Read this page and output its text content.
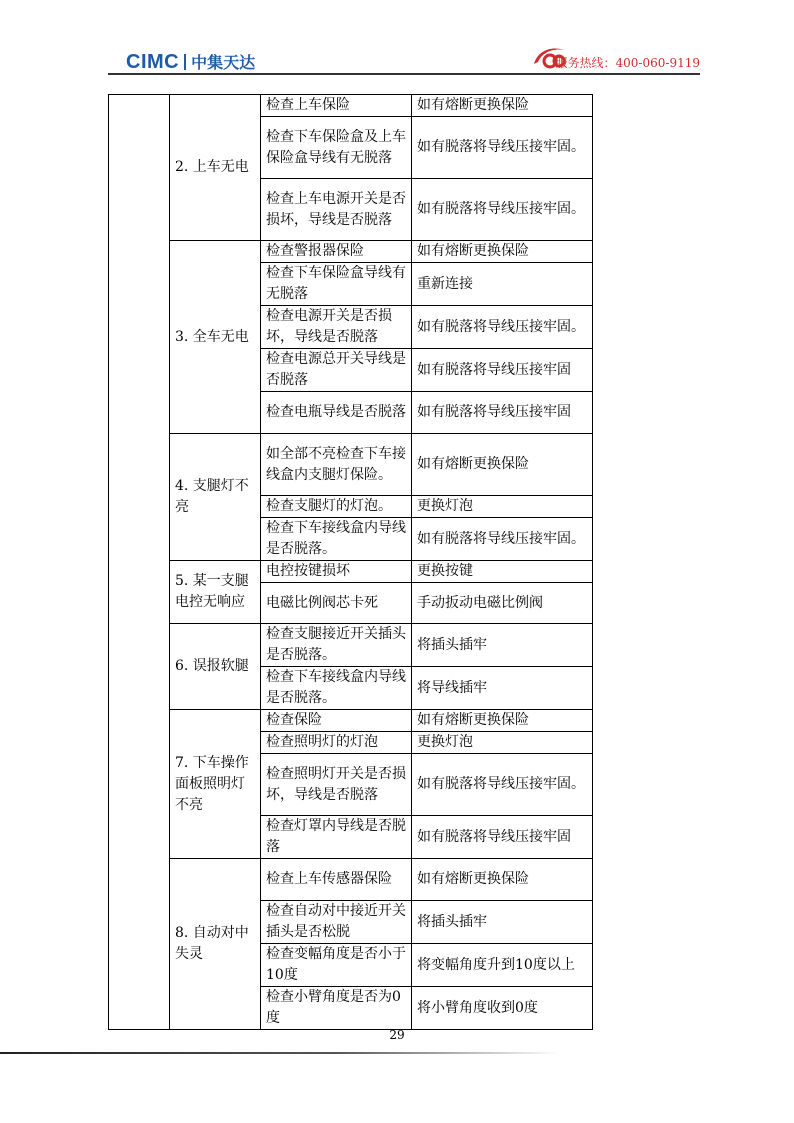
CIMC 中集天达	服务热线：400-060-9119
	2. 上车无电	检查上车保险	如有熔断更换保险
		检查下车保险盒及上车保险盒导线有无脱落	如有脱落将导线压接牢固。
		检查上车电源开关是否损坏，导线是否脱落	如有脱落将导线压接牢固。
	3. 全车无电	检查警报器保险	如有熔断更换保险
		检查下车保险盒导线有无脱落	重新连接
		检查电源开关是否损坏，导线是否脱落	如有脱落将导线压接牢固。
		检查电源总开关导线是否脱落	如有脱落将导线压接牢固
		检查电瓶导线是否脱落	如有脱落将导线压接牢固
	4. 支腿灯不亮	如全部不亮检查下车接线盒内支腿灯保险。	如有熔断更换保险
		检查支腿灯的灯泡。	更换灯泡
		检查下车接线盒内导线是否脱落。	如有脱落将导线压接牢固。
	5. 某一支腿电控无响应	电控按键损坏	更换按键
		电磁比例阀芯卡死	手动扳动电磁比例阀
	6. 误报软腿	检查支腿接近开关插头是否脱落。	将插头插牢
		检查下车接线盒内导线是否脱落。	将导线插牢
	7. 下车操作面板照明灯不亮	检查保险	如有熔断更换保险
		检查照明灯的灯泡	更换灯泡
		检查照明灯开关是否损坏，导线是否脱落	如有脱落将导线压接牢固。
		检查灯罩内导线是否脱落	如有脱落将导线压接牢固
	8. 自动对中失灵	检查上车传感器保险	如有熔断更换保险
		检查自动对中接近开关插头是否松脱	将插头插牢
		检查变幅角度是否小于10度	将变幅角度升到10度以上
		检查小臂角度是否为0度	将小臂角度收到0度
29
